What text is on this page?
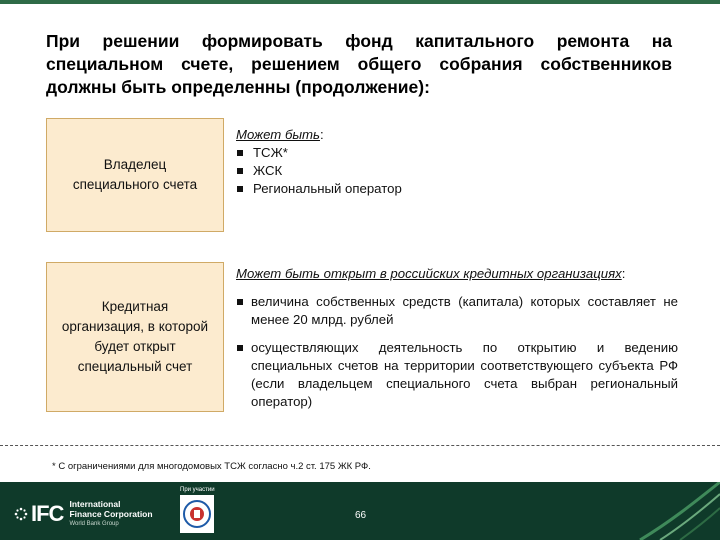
При решении формировать фонд капитального ремонта на специальном счете, решением общего собрания собственников должны быть определенны (продолжение):

Владелец специального счета
Может быть:
ТСЖ*
ЖСК
Региональный оператор
Кредитная организация, в которой будет открыт специальный счет
Может быть открыт в российских кредитных организациях:
величина собственных средств (капитала) которых составляет не менее 20 млрд. рублей
осуществляющих деятельность по открытию и ведению специальных счетов на территории соответствующего субъекта РФ (если владельцем специального счета выбран региональный оператор)
* С ограничениями для многодомовых ТСЖ согласно ч.2 ст. 175 ЖК РФ.
IFC International
Finance Corporation
World Bank Group
При участии
66
